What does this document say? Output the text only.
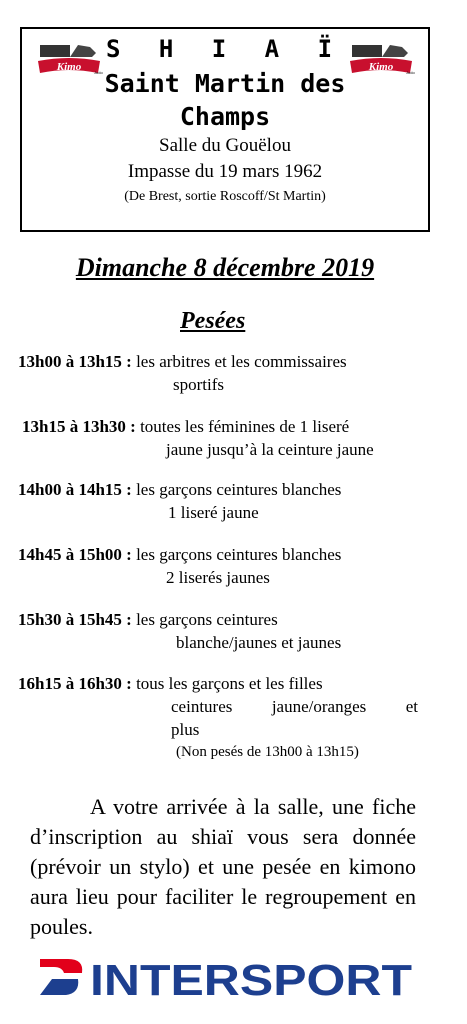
Kimo	Judo	Kimo	Judo
S H I A Ï
Saint Martin des Champs
Salle du Gouëlou
Impasse du 19 mars 1962
(De Brest, sortie Roscoff/St Martin)
Dimanche 8 décembre 2019
Pesées
13h00 à 13h15 : les arbitres et les commissaires
sportifs
13h15 à 13h30 : toutes les féminines de 1 liseré
jaune jusqu’à la ceinture jaune
14h00 à 14h15 : les garçons ceintures blanches
1 liseré jaune
14h45 à 15h00 : les garçons ceintures blanches
2 liserés jaunes
15h30 à 15h45 : les garçons ceintures
blanche/jaunes et jaunes
16h15 à 16h30 : tous les garçons et les filles
ceintures jaune/oranges et
plus
(Non pesés de 13h00 à 13h15)
A votre arrivée à la salle, une fiche d’inscription au shiaï vous sera donnée (prévoir un stylo) et une pesée en kimono aura lieu pour faciliter le regroupement en poules.
INTERSPORT
